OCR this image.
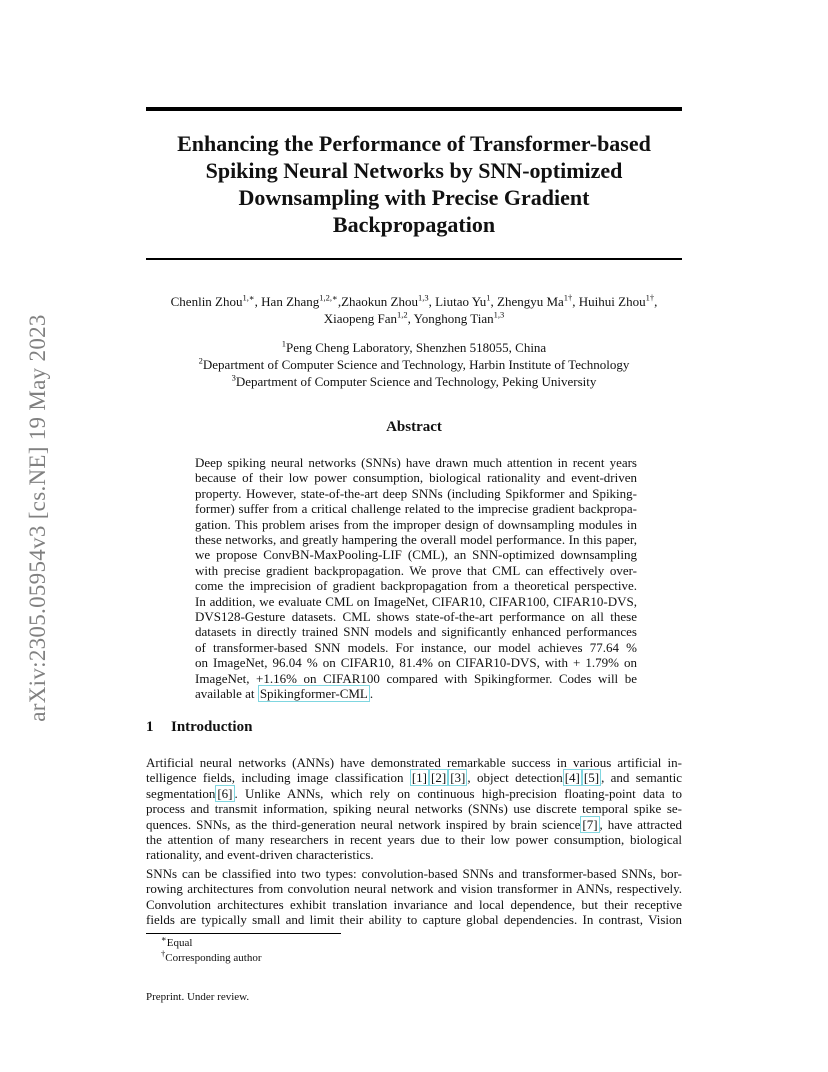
arXiv:2305.05954v3 [cs.NE] 19 May 2023
Enhancing the Performance of Transformer-based
Spiking Neural Networks by SNN-optimized
Downsampling with Precise Gradient
Backpropagation
Chenlin Zhou$^{1,∗}$, Han Zhang$^{1,2,∗}$,Zhaokun Zhou$^{1,3}$, Liutao Yu$^1$, Zhengyu $Ma^{1\dagger}$, Huihui Zhou$^{1\dagger}$,
Xiaopeng Fan$^{1,2}$, Yonghong Tian$^{1,3}$
$^1$Peng Cheng Laboratory, Shenzhen 518055, China
$^2$Department of Computer Science and Technology, Harbin Institute of Technology
$^3$Department of Computer Science and Technology, Peking University
Abstract
Deep spiking neural networks (SNNs) have drawn much attention in recent years
because of their low power consumption, biological rationality and event-driven
property. However, state-of-the-art deep SNNs (including Spikformer and Spiking-
former) suffer from a critical challenge related to the imprecise gradient backpropa-
gation. This problem arises from the improper design of downsampling modules in
these networks, and greatly hampering the overall model performance. In this paper,
we propose ConvBN-MaxPooling-LIF (CML), an SNN-optimized downsampling
with precise gradient backpropagation. We prove that CML can effectively over-
come the imprecision of gradient backpropagation from a theoretical perspective.
In addition, we evaluate CML on ImageNet, CIFAR10, CIFAR100, CIFAR10-DVS,
DVS128-Gesture datasets. CML shows state-of-the-art performance on all these
datasets in directly trained SNN models and significantly enhanced performances
of transformer-based SNN models. For instance, our model achieves 77.64 %
on ImageNet, 96.04 % on CIFAR10, 81.4% on CIFAR10-DVS, with + 1.79% on
ImageNet, +1.16% on CIFAR100 compared with Spikingformer. Codes will be
available at Spikingformer-CML .
1 Introduction
Artificial neural networks (ANNs) have demonstrated remarkable success in various artificial in-
telligence fields, including image classification [1] [2] [3] , object detection [4] [5] , and semantic
segmentation [6] . Unlike ANNs, which rely on continuous high-precision floating-point data to
process and transmit information, spiking neural networks (SNNs) use discrete temporal spike se-
quences. SNNs, as the third-generation neural network inspired by brain science [7] , have attracted
the attention of many researchers in recent years due to their low power consumption, biological
rationality, and event-driven characteristics.
SNNs can be classified into two types: convolution-based SNNs and transformer-based SNNs, bor-
rowing architectures from convolution neural network and vision transformer in ANNs, respectively.
Convolution architectures exhibit translation invariance and local dependence, but their receptive
fields are typically small and limit their ability to capture global dependencies. In contrast, Vision
∗Equal
†Corresponding author
Preprint. Under review.
